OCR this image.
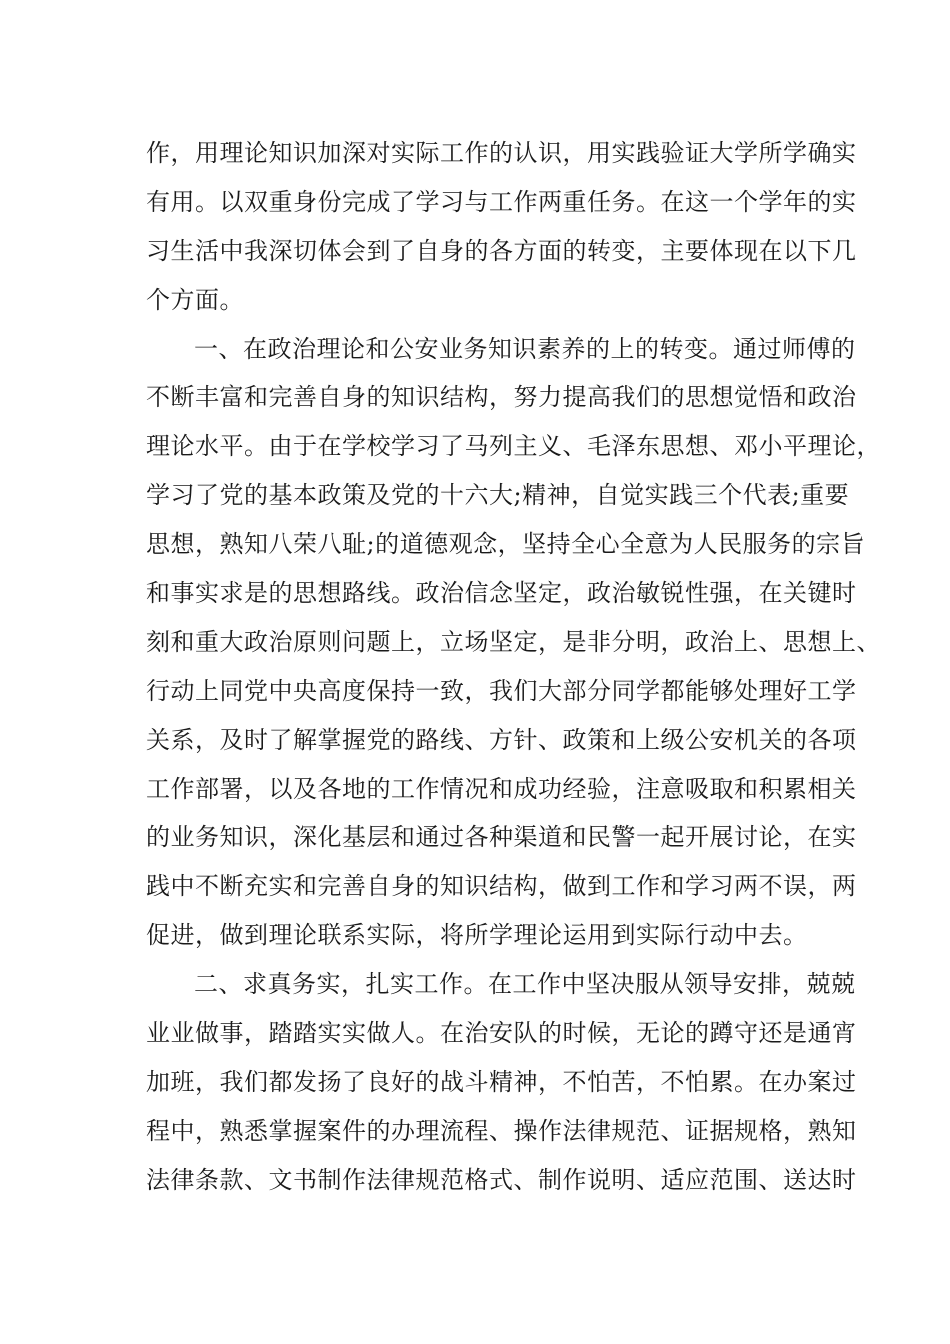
作，用理论知识加深对实际工作的认识，用实践验证大学所学确实
有用。以双重身份完成了学习与工作两重任务。在这一个学年的实
习生活中我深切体会到了自身的各方面的转变，主要体现在以下几
个方面。
一、在政治理论和公安业务知识素养的上的转变。通过师傅的
不断丰富和完善自身的知识结构，努力提高我们的思想觉悟和政治
理论水平。由于在学校学习了马列主义、毛泽东思想、邓小平理论，
学习了党的基本政策及党的十六大;精神，自觉实践三个代表;重要
思想，熟知八荣八耻;的道德观念，坚持全心全意为人民服务的宗旨
和事实求是的思想路线。政治信念坚定，政治敏锐性强，在关键时
刻和重大政治原则问题上，立场坚定，是非分明，政治上、思想上、
行动上同党中央高度保持一致，我们大部分同学都能够处理好工学
关系，及时了解掌握党的路线、方针、政策和上级公安机关的各项
工作部署，以及各地的工作情况和成功经验，注意吸取和积累相关
的业务知识，深化基层和通过各种渠道和民警一起开展讨论，在实
践中不断充实和完善自身的知识结构，做到工作和学习两不误，两
促进，做到理论联系实际，将所学理论运用到实际行动中去。
二、求真务实，扎实工作。在工作中坚决服从领导安排，兢兢
业业做事，踏踏实实做人。在治安队的时候，无论的蹲守还是通宵
加班，我们都发扬了良好的战斗精神，不怕苦，不怕累。在办案过
程中，熟悉掌握案件的办理流程、操作法律规范、证据规格，熟知
法律条款、文书制作法律规范格式、制作说明、适应范围、送达时
